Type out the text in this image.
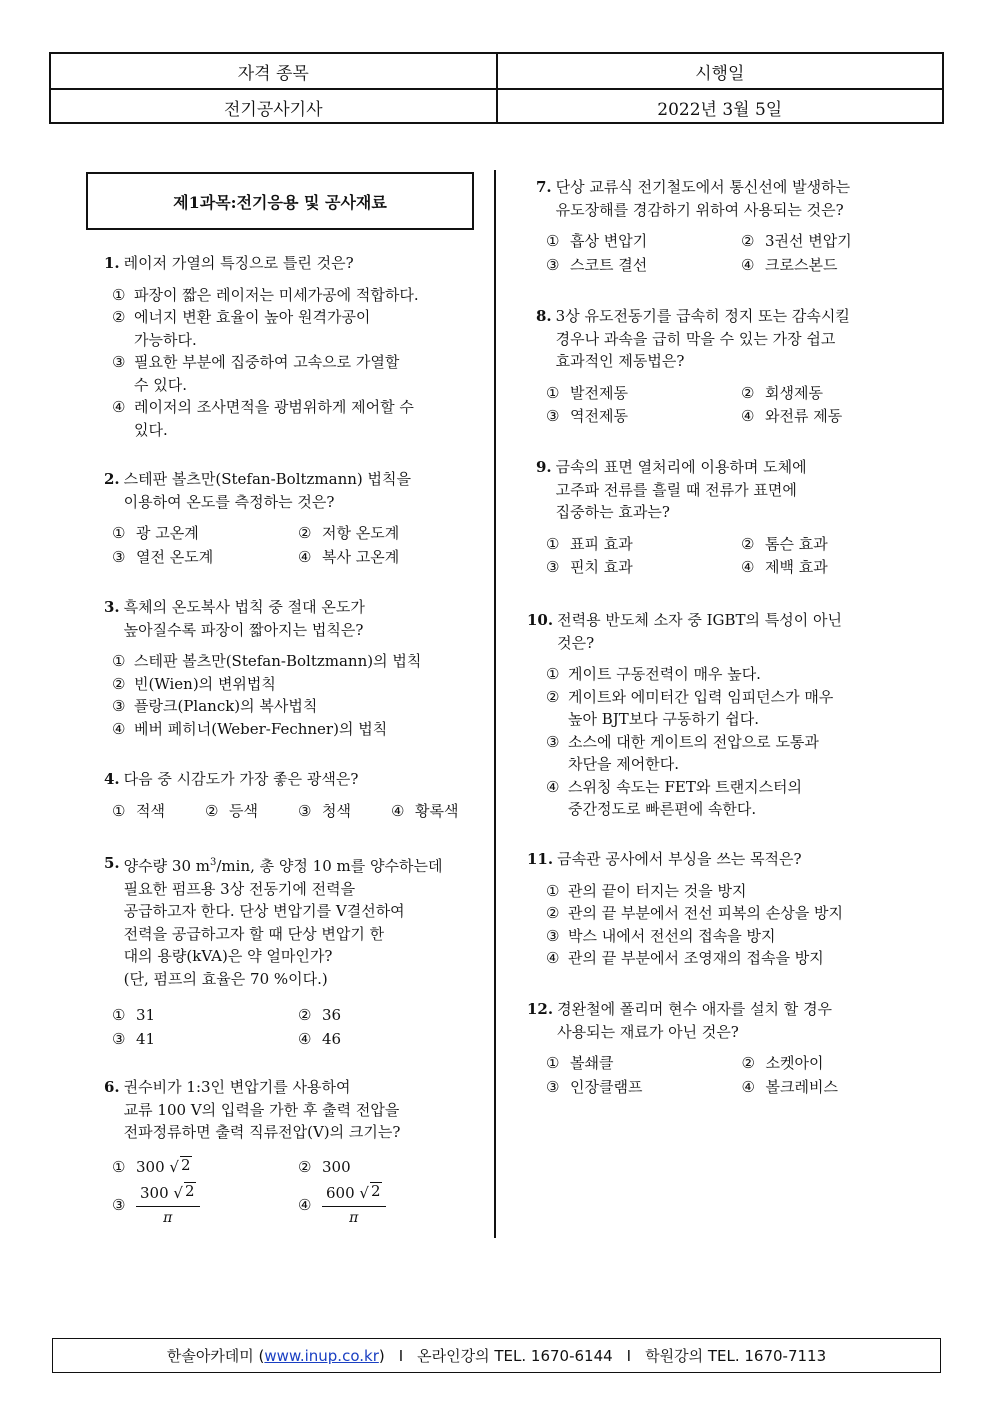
자격 종목	시행일
전기공사기사	2022년 3월 5일
제1과목:전기응용 및 공사재료
1. 레이저 가열의 특징으로 틀린 것은?
① 파장이 짧은 레이저는 미세가공에 적합하다.
② 에너지 변환 효율이 높아 원격가공이
가능하다.
③ 필요한 부분에 집중하여 고속으로 가열할
수 있다.
④ 레이저의 조사면적을 광범위하게 제어할 수
있다.
2. 스테판 볼츠만(Stefan-Boltzmann) 법칙을
이용하여 온도를 측정하는 것은?
① 광 고온계	② 저항 온도계
③ 열전 온도계	④ 복사 고온계
3. 흑체의 온도복사 법칙 중 절대 온도가
높아질수록 파장이 짧아지는 법칙은?
① 스테판 볼츠만(Stefan-Boltzmann)의 법칙
② 빈(Wien)의 변위법칙
③ 플랑크(Planck)의 복사법칙
④ 베버 페히너(Weber-Fechner)의 법칙
4. 다음 중 시감도가 가장 좋은 광색은?
① 적색	② 등색	③ 청색	④ 황록색
5. 양수량 30 $m^3/\min$, 총 양정 10 m를 양수하는데
필요한 펌프용 3상 전동기에 전력을
공급하고자 한다. 단상 변압기를 V결선하여
전력을 공급하고자 할 때 단상 변압기 한
대의 용량(kVA)은 약 얼마인가?
(단, 펌프의 효율은 70 %이다.)
① 31	② 36
③ 41	④ 46
6. 권수비가 1:3인 변압기를 사용하여
교류 100 V의 입력을 가한 후 출력 전압을
전파정류하면 출력 직류전압(V)의 크기는?
① 300 √ 2	② 300
③ $\frac{300 √ 2}{\pi}$	④ $\frac{600 √ 2}{\pi}$
7. 단상 교류식 전기철도에서 통신선에 발생하는
유도장해를 경감하기 위하여 사용되는 것은?
① 흡상 변압기	② 3권선 변압기
③ 스코트 결선	④ 크로스본드
8. 3상 유도전동기를 급속히 정지 또는 감속시킬
경우나 과속을 급히 막을 수 있는 가장 쉽고
효과적인 제동법은?
① 발전제동	② 회생제동
③ 역전제동	④ 와전류 제동
9. 금속의 표면 열처리에 이용하며 도체에
고주파 전류를 흘릴 때 전류가 표면에
집중하는 효과는?
① 표피 효과	② 톰슨 효과
③ 핀치 효과	④ 제백 효과
10. 전력용 반도체 소자 중 IGBT의 특성이 아닌
것은?
① 게이트 구동전력이 매우 높다.
② 게이트와 에미터간 입력 임피던스가 매우
높아 BJT보다 구동하기 쉽다.
③ 소스에 대한 게이트의 전압으로 도통과
차단을 제어한다.
④ 스위칭 속도는 FET와 트랜지스터의
중간정도로 빠른편에 속한다.
11. 금속관 공사에서 부싱을 쓰는 목적은?
① 관의 끝이 터지는 것을 방지
② 관의 끝 부분에서 전선 피복의 손상을 방지
③ 박스 내에서 전선의 접속을 방지
④ 관의 끝 부분에서 조영재의 접속을 방지
12. 경완철에 폴리머 현수 애자를 설치 할 경우
사용되는 재료가 아닌 것은?
① 볼쇄클	② 소켓아이
③ 인장클램프	④ 볼크레비스
한솔아카데미 ( www.inup.co.kr ) I 온라인강의 TEL. 1670-6144 I 학원강의 TEL. 1670-7113
